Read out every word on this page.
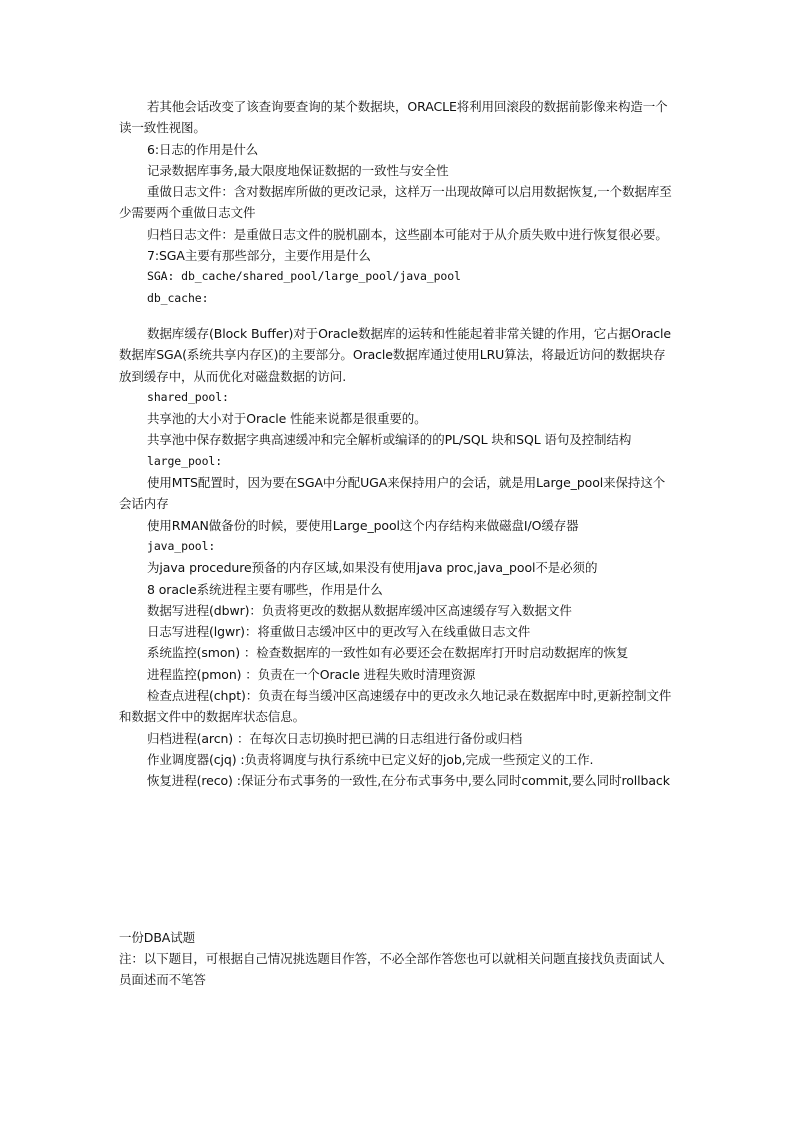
若其他会话改变了该查询要查询的某个数据块，ORACLE将利用回滚段的数据前影像来构造一个读一致性视图。

6:日志的作用是什么

记录数据库事务,最大限度地保证数据的一致性与安全性

重做日志文件：含对数据库所做的更改记录，这样万一出现故障可以启用数据恢复,一个数据库至少需要两个重做日志文件

归档日志文件：是重做日志文件的脱机副本，这些副本可能对于从介质失败中进行恢复很必要。

7:SGA主要有那些部分，主要作用是什么

SGA: db_cache/shared_pool/large_pool/java_pool

db_cache:

数据库缓存(Block Buffer)对于Oracle数据库的运转和性能起着非常关键的作用，它占据Oracle数据库SGA(系统共享内存区)的主要部分。Oracle数据库通过使用LRU算法，将最近访问的数据块存放到缓存中，从而优化对磁盘数据的访问.

shared_pool:

共享池的大小对于Oracle 性能来说都是很重要的。

共享池中保存数据字典高速缓冲和完全解析或编译的的PL/SQL 块和SQL 语句及控制结构

large_pool:

使用MTS配置时，因为要在SGA中分配UGA来保持用户的会话，就是用Large_pool来保持这个会话内存

使用RMAN做备份的时候，要使用Large_pool这个内存结构来做磁盘I/O缓存器

java_pool:

为java procedure预备的内存区域,如果没有使用java proc,java_pool不是必须的

8 oracle系统进程主要有哪些，作用是什么

数据写进程(dbwr)：负责将更改的数据从数据库缓冲区高速缓存写入数据文件

日志写进程(lgwr)：将重做日志缓冲区中的更改写入在线重做日志文件

系统监控(smon) ：检查数据库的一致性如有必要还会在数据库打开时启动数据库的恢复

进程监控(pmon) ：负责在一个Oracle 进程失败时清理资源

检查点进程(chpt)：负责在每当缓冲区高速缓存中的更改永久地记录在数据库中时,更新控制文件和数据文件中的数据库状态信息。

归档进程(arcn) ：在每次日志切换时把已满的日志组进行备份或归档

作业调度器(cjq) :负责将调度与执行系统中已定义好的job,完成一些预定义的工作.

恢复进程(reco) :保证分布式事务的一致性,在分布式事务中,要么同时commit,要么同时rollback

一份DBA试题

注：以下题目，可根据自己情况挑选题目作答，不必全部作答您也可以就相关问题直接找负责面试人员面述而不笔答
